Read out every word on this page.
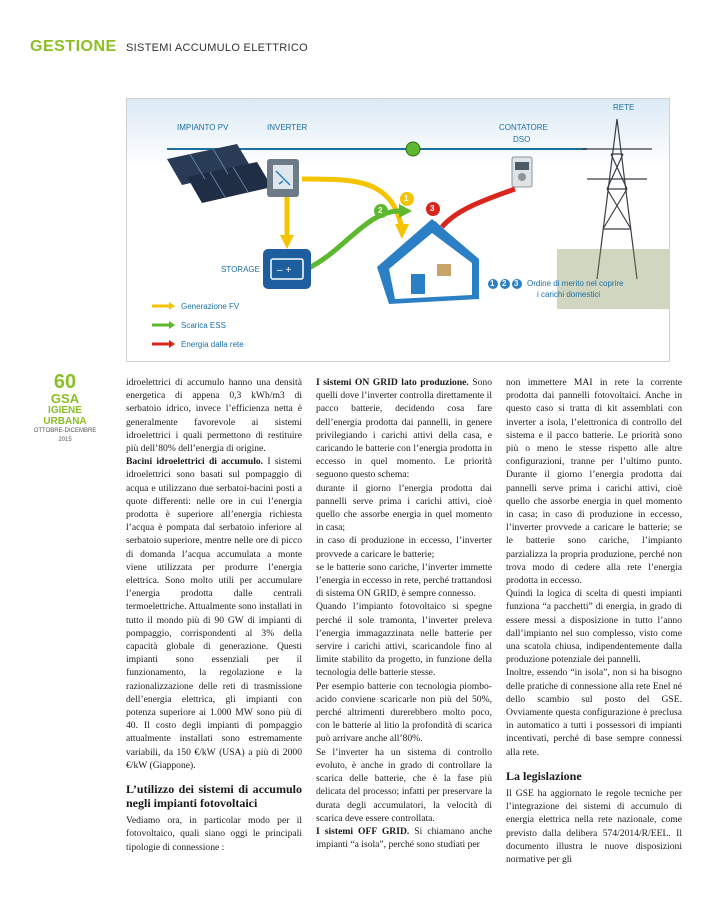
GESTIONE SISTEMI ACCUMULO ELETTRICO
– +
IMPIANTO PV	INVERTER	CONTATORE
DSO
RETE
STORAGE
Ordine di merito nel coprire
i carichi domestici
1
2	3
1 2 3
Generazione FV
Scarica ESS
Energia dalla rete
60
GSA
IGIENE URBANA
OTTOBRE-DICEMBRE 2015

idroelettrici di accumulo hanno una densità energetica di appena 0,3 kWh/m3 di serbatoio idrico, invece l’efficienza netta è generalmente favorevole ai sistemi idroelettrici i quali permettono di restituire più dell’80% dell’energia di origine.

Bacini idroelettrici di accumulo. I sistemi idroelettrici sono basati sul pompaggio di acqua e utilizzano due serbatoi-bacini posti a quote differenti: nelle ore in cui l’energia prodotta è superiore all’energia richiesta l’acqua è pompata dal serbatoio inferiore al serbatoio superiore, mentre nelle ore di picco di domanda l’acqua accumulata a monte viene utilizzata per produrre l’energia elettrica. Sono molto utili per accumulare l’energia prodotta dalle centrali termoelettriche. Attualmente sono installati in tutto il mondo più di 90 GW di impianti di pompaggio, corrispondenti al 3% della capacità globale di generazione. Questi impianti sono essenziali per il funzionamento, la regolazione e la razionalizzazione delle reti di trasmissione dell’energia elettrica, gli impianti con potenza superiore ai 1.000 MW sono più di 40. Il costo degli impianti di pompaggio attualmente installati sono estremamente variabili, da 150 €/kW (USA) a più di 2000 €/kW (Giappone).

L’utilizzo dei sistemi di accumulo negli impianti fotovoltaici

Vediamo ora, in particolar modo per il fotovoltaico, quali siano oggi le principali tipologie di connessione :

I sistemi ON GRID lato produzione. Sono quelli dove l’inverter controlla direttamente il pacco batterie, decidendo cosa fare dell’energia prodotta dai pannelli, in genere privilegiando i carichi attivi della casa, e caricando le batterie con l’energia prodotta in eccesso in quel momento. Le priorità seguono questo schema:

durante il giorno l’energia prodotta dai pannelli serve prima i carichi attivi, cioè quello che assorbe energia in quel momento in casa;

in caso di produzione in eccesso, l’inverter provvede a caricare le batterie;

se le batterie sono cariche, l’inverter immette l’energia in eccesso in rete, perché trattandosi di sistema ON GRID, è sempre connesso.

Quando l’impianto fotovoltaico si spegne perché il sole tramonta, l’inverter preleva l’energia immagazzinata nelle batterie per servire i carichi attivi, scaricandole fino al limite stabilito da progetto, in funzione della tecnologia delle batterie stesse.

Per esempio batterie con tecnologia piombo-acido conviene scaricarle non più del 50%, perché altrimenti durerebbero molto poco, con le batterie al litio la profondità di scarica può arrivare anche all’80%.

Se l’inverter ha un sistema di controllo evoluto, è anche in grado di controllare la scarica delle batterie, che è la fase più delicata del processo; infatti per preservare la durata degli accumulatori, la velocità di scarica deve essere controllata.

I sistemi OFF GRID. Si chiamano anche impianti “a isola”, perché sono studiati per

non immettere MAI in rete la corrente prodotta dai pannelli fotovoltaici. Anche in questo caso si tratta di kit assemblati con inverter a isola, l’elettronica di controllo del sistema e il pacco batterie. Le priorità sono più o meno le stesse rispetto alle altre configurazioni, tranne per l’ultimo punto. Durante il giorno l’energia prodotta dai pannelli serve prima i carichi attivi, cioè quello che assorbe energia in quel momento in casa; in caso di produzione in eccesso, l’inverter provvede a caricare le batterie; se le batterie sono cariche, l’impianto parzializza la propria produzione, perché non trova modo di cedere alla rete l’energia prodotta in eccesso.

Quindi la logica di scelta di questi impianti funziona “a pacchetti” di energia, in grado di essere messi a disposizione in tutto l’anno dall’impianto nel suo complesso, visto come una scatola chiusa, indipendentemente dalla produzione potenziale dei pannelli.

Inoltre, essendo “in isola”, non si ha bisogno delle pratiche di connessione alla rete Enel né dello scambio sul posto del GSE. Ovviamente questa configurazione è preclusa in automatico a tutti i possessori di impianti incentivati, perché di base sempre connessi alla rete.

La legislazione

Il GSE ha aggiornato le regole tecniche per l’integrazione dei sistemi di accumulo di energia elettrica nella rete nazionale, come previsto dalla delibera 574/2014/R/EEL. Il documento illustra le nuove disposizioni normative per gli
